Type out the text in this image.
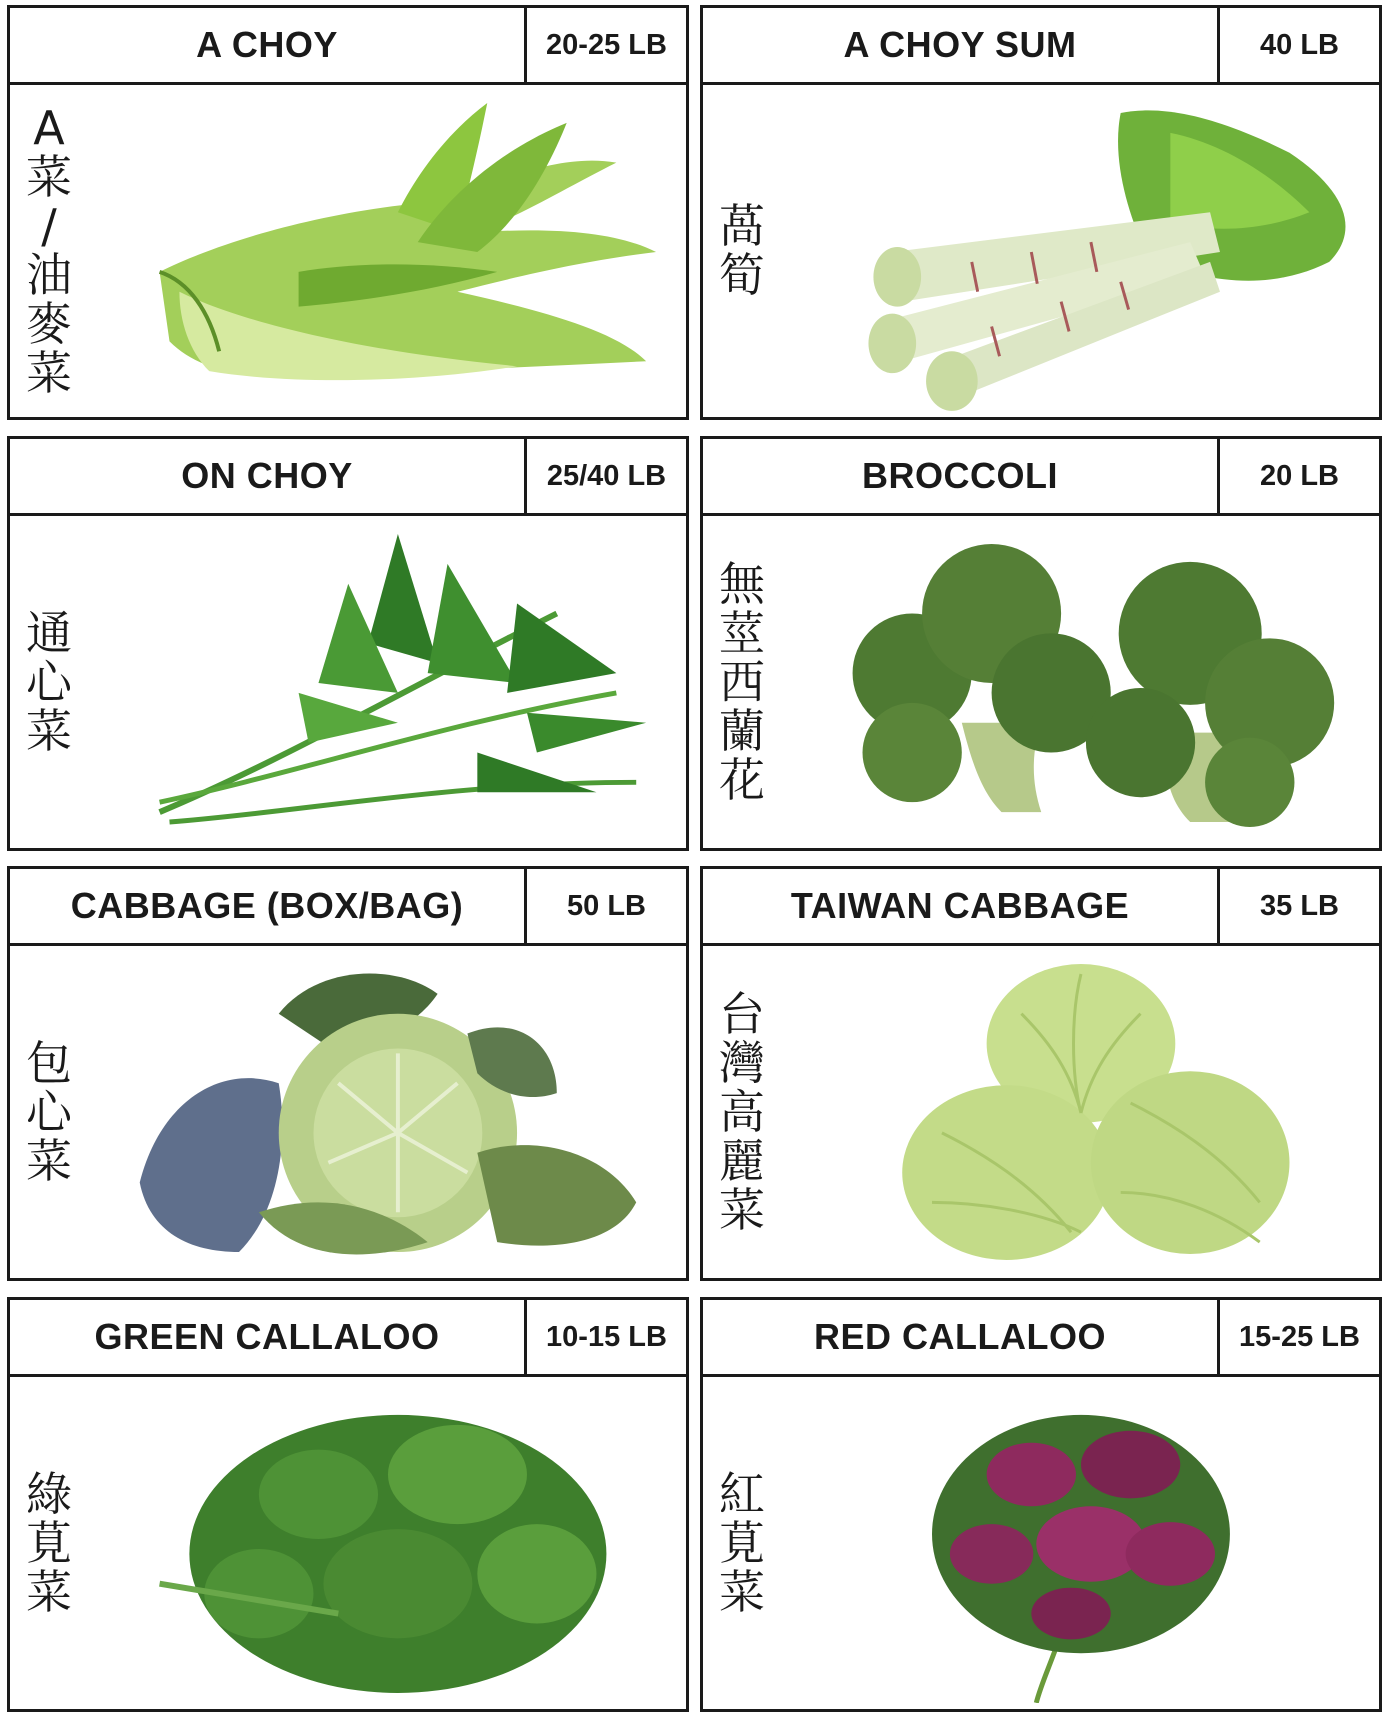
A CHOY	20-25 LB
A
菜
/
油
麥
菜
A CHOY SUM	40 LB
萵
筍
ON CHOY	25/40 LB
通
心
菜
BROCCOLI	20 LB
無
莖
西
蘭
花
CABBAGE (BOX/BAG)	50 LB
包
心
菜
TAIWAN CABBAGE	35 LB
台
灣
高
麗
菜
GREEN CALLALOO	10-15 LB
綠
莧
菜
RED CALLALOO	15-25 LB
紅
莧
菜
